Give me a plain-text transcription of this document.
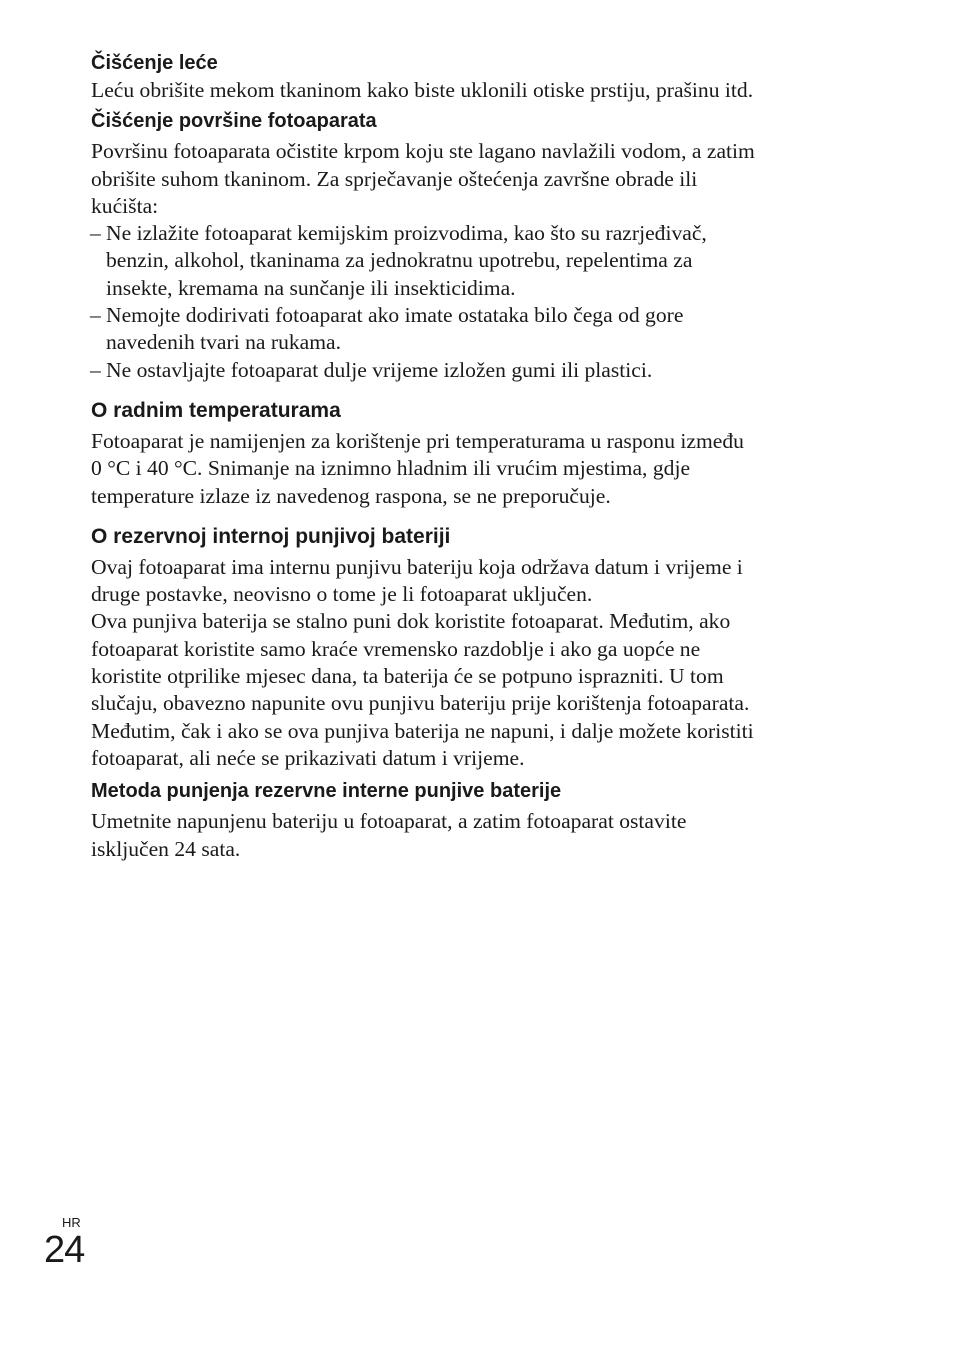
Čišćenje leće

Leću obrišite mekom tkaninom kako biste uklonili otiske prstiju, prašinu itd.

Čišćenje površine fotoaparata

Površinu fotoaparata očistite krpom koju ste lagano navlažili vodom, a zatim
obrišite suhom tkaninom. Za sprječavanje oštećenja završne obrade ili
kućišta:

– Ne izlažite fotoaparat kemijskim proizvodima, kao što su razrjeđivač,
benzin, alkohol, tkaninama za jednokratnu upotrebu, repelentima za
insekte, kremama na sunčanje ili insekticidima.
– Nemojte dodirivati fotoaparat ako imate ostataka bilo čega od gore
navedenih tvari na rukama.
– Ne ostavljajte fotoaparat dulje vrijeme izložen gumi ili plastici.
O radnim temperaturama

Fotoaparat je namijenjen za korištenje pri temperaturama u rasponu između
0 °C i 40 °C. Snimanje na iznimno hladnim ili vrućim mjestima, gdje
temperature izlaze iz navedenog raspona, se ne preporučuje.

O rezervnoj internoj punjivoj bateriji

Ovaj fotoaparat ima internu punjivu bateriju koja održava datum i vrijeme i
druge postavke, neovisno o tome je li fotoaparat uključen.
Ova punjiva baterija se stalno puni dok koristite fotoaparat. Međutim, ako
fotoaparat koristite samo kraće vremensko razdoblje i ako ga uopće ne
koristite otprilike mjesec dana, ta baterija će se potpuno isprazniti. U tom
slučaju, obavezno napunite ovu punjivu bateriju prije korištenja fotoaparata.
Međutim, čak i ako se ova punjiva baterija ne napuni, i dalje možete koristiti
fotoaparat, ali neće se prikazivati datum i vrijeme.

Metoda punjenja rezervne interne punjive baterije

Umetnite napunjenu bateriju u fotoaparat, a zatim fotoaparat ostavite
isključen 24 sata.

HR
24
